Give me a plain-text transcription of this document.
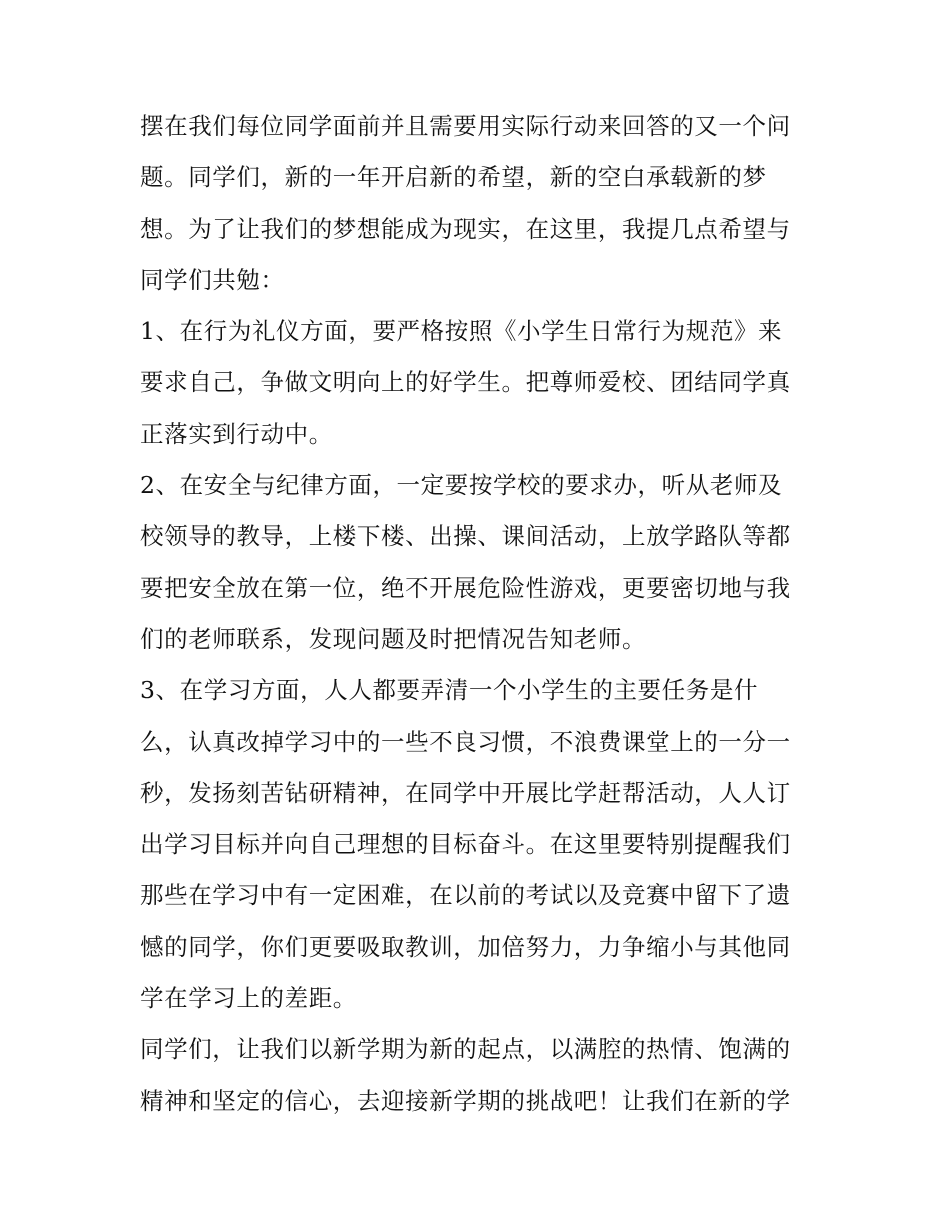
摆在我们每位同学面前并且需要用实际行动来回答的又一个问
题。同学们，新的一年开启新的希望，新的空白承载新的梦
想。为了让我们的梦想能成为现实，在这里，我提几点希望与
同学们共勉：
1、在行为礼仪方面，要严格按照《小学生日常行为规范》来
要求自己，争做文明向上的好学生。把尊师爱校、团结同学真
正落实到行动中。
2、在安全与纪律方面，一定要按学校的要求办，听从老师及
校领导的教导，上楼下楼、出操、课间活动，上放学路队等都
要把安全放在第一位，绝不开展危险性游戏，更要密切地与我
们的老师联系，发现问题及时把情况告知老师。
3、在学习方面，人人都要弄清一个小学生的主要任务是什
么，认真改掉学习中的一些不良习惯，不浪费课堂上的一分一
秒，发扬刻苦钻研精神，在同学中开展比学赶帮活动，人人订
出学习目标并向自己理想的目标奋斗。在这里要特别提醒我们
那些在学习中有一定困难，在以前的考试以及竞赛中留下了遗
憾的同学，你们更要吸取教训，加倍努力，力争缩小与其他同
学在学习上的差距。
同学们，让我们以新学期为新的起点，以满腔的热情、饱满的
精神和坚定的信心，去迎接新学期的挑战吧！让我们在新的学
